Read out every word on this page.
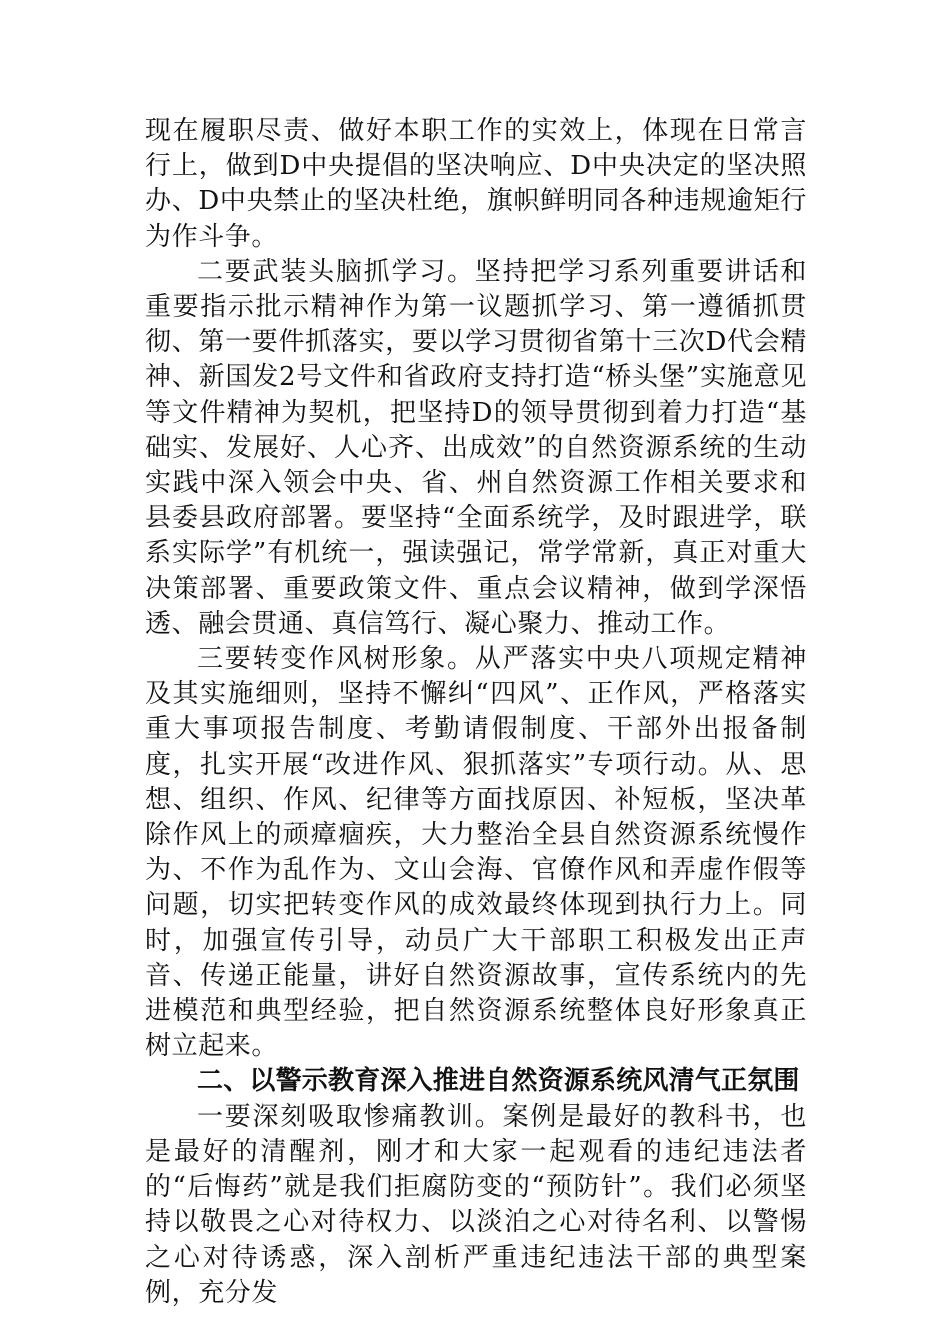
现在履职尽责、做好本职工作的实效上，体现在日常言行上，做到D中央提倡的坚决响应、D中央决定的坚决照办、D中央禁止的坚决杜绝，旗帜鲜明同各种违规逾矩行为作斗争。

二要武装头脑抓学习。坚持把学习系列重要讲话和重要指示批示精神作为第一议题抓学习、第一遵循抓贯彻、第一要件抓落实，要以学习贯彻省第十三次D代会精神、新国发2号文件和省政府支持打造“桥头堡”实施意见等文件精神为契机，把坚持D的领导贯彻到着力打造“基础实、发展好、人心齐、出成效”的自然资源系统的生动实践中深入领会中央、省、州自然资源工作相关要求和县委县政府部署。要坚持“全面系统学，及时跟进学，联系实际学”有机统一，强读强记，常学常新，真正对重大决策部署、重要政策文件、重点会议精神，做到学深悟透、融会贯通、真信笃行、凝心聚力、推动工作。

三要转变作风树形象。从严落实中央八项规定精神及其实施细则，坚持不懈纠“四风”、正作风，严格落实重大事项报告制度、考勤请假制度、干部外出报备制度，扎实开展“改进作风、狠抓落实”专项行动。从、思想、组织、作风、纪律等方面找原因、补短板，坚决革除作风上的顽瘴痼疾，大力整治全县自然资源系统慢作为、不作为乱作为、文山会海、官僚作风和弄虚作假等问题，切实把转变作风的成效最终体现到执行力上。同时，加强宣传引导，动员广大干部职工积极发出正声音、传递正能量，讲好自然资源故事，宣传系统内的先进模范和典型经验，把自然资源系统整体良好形象真正树立起来。

二、以警示教育深入推进自然资源系统风清气正氛围

一要深刻吸取惨痛教训。案例是最好的教科书，也是最好的清醒剂，刚才和大家一起观看的违纪违法者的“后悔药”就是我们拒腐防变的“预防针”。我们必须坚持以敬畏之心对待权力、以淡泊之心对待名利、以警惕之心对待诱惑，深入剖析严重违纪违法干部的典型案例，充分发
